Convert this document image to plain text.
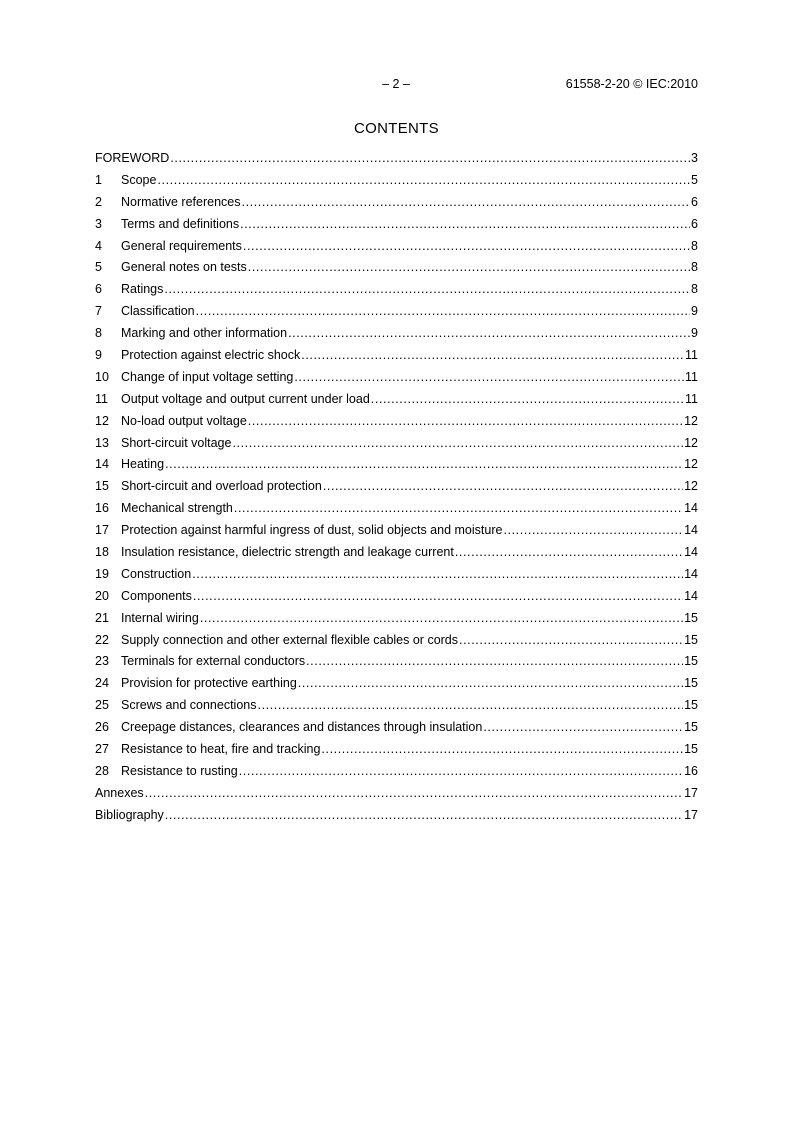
– 2 –	61558-2-20 © IEC:2010
CONTENTS
FOREWORD .....	3
1	Scope .....	5
2	Normative references .....	6
3	Terms and definitions .....	6
4	General requirements .....	8
5	General notes on tests .....	8
6	Ratings .....	8
7	Classification .....	9
8	Marking and other information .....	9
9	Protection against electric shock .....	11
10 Change of input voltage setting .....	11
11	Output voltage and output current under load .....	11
12 No-load output voltage .....	12
13 Short-circuit voltage .....	12
14 Heating .....	12
15 Short-circuit and overload protection .....	12
16 Mechanical strength .....	14
17 Protection against harmful ingress of dust, solid objects and moisture .....	14
18 Insulation resistance, dielectric strength and leakage current .....	14
19 Construction .....	14
20 Components .....	14
21 Internal wiring .....	15
22 Supply connection and other external flexible cables or cords .....	15
23 Terminals for external conductors .....	15
24 Provision for protective earthing .....	15
25 Screws and connections .....	15
26 Creepage distances, clearances and distances through insulation .....	15
27 Resistance to heat, fire and tracking .....	15
28 Resistance to rusting .....	16
Annexes .....	17
Bibliography .....	17
